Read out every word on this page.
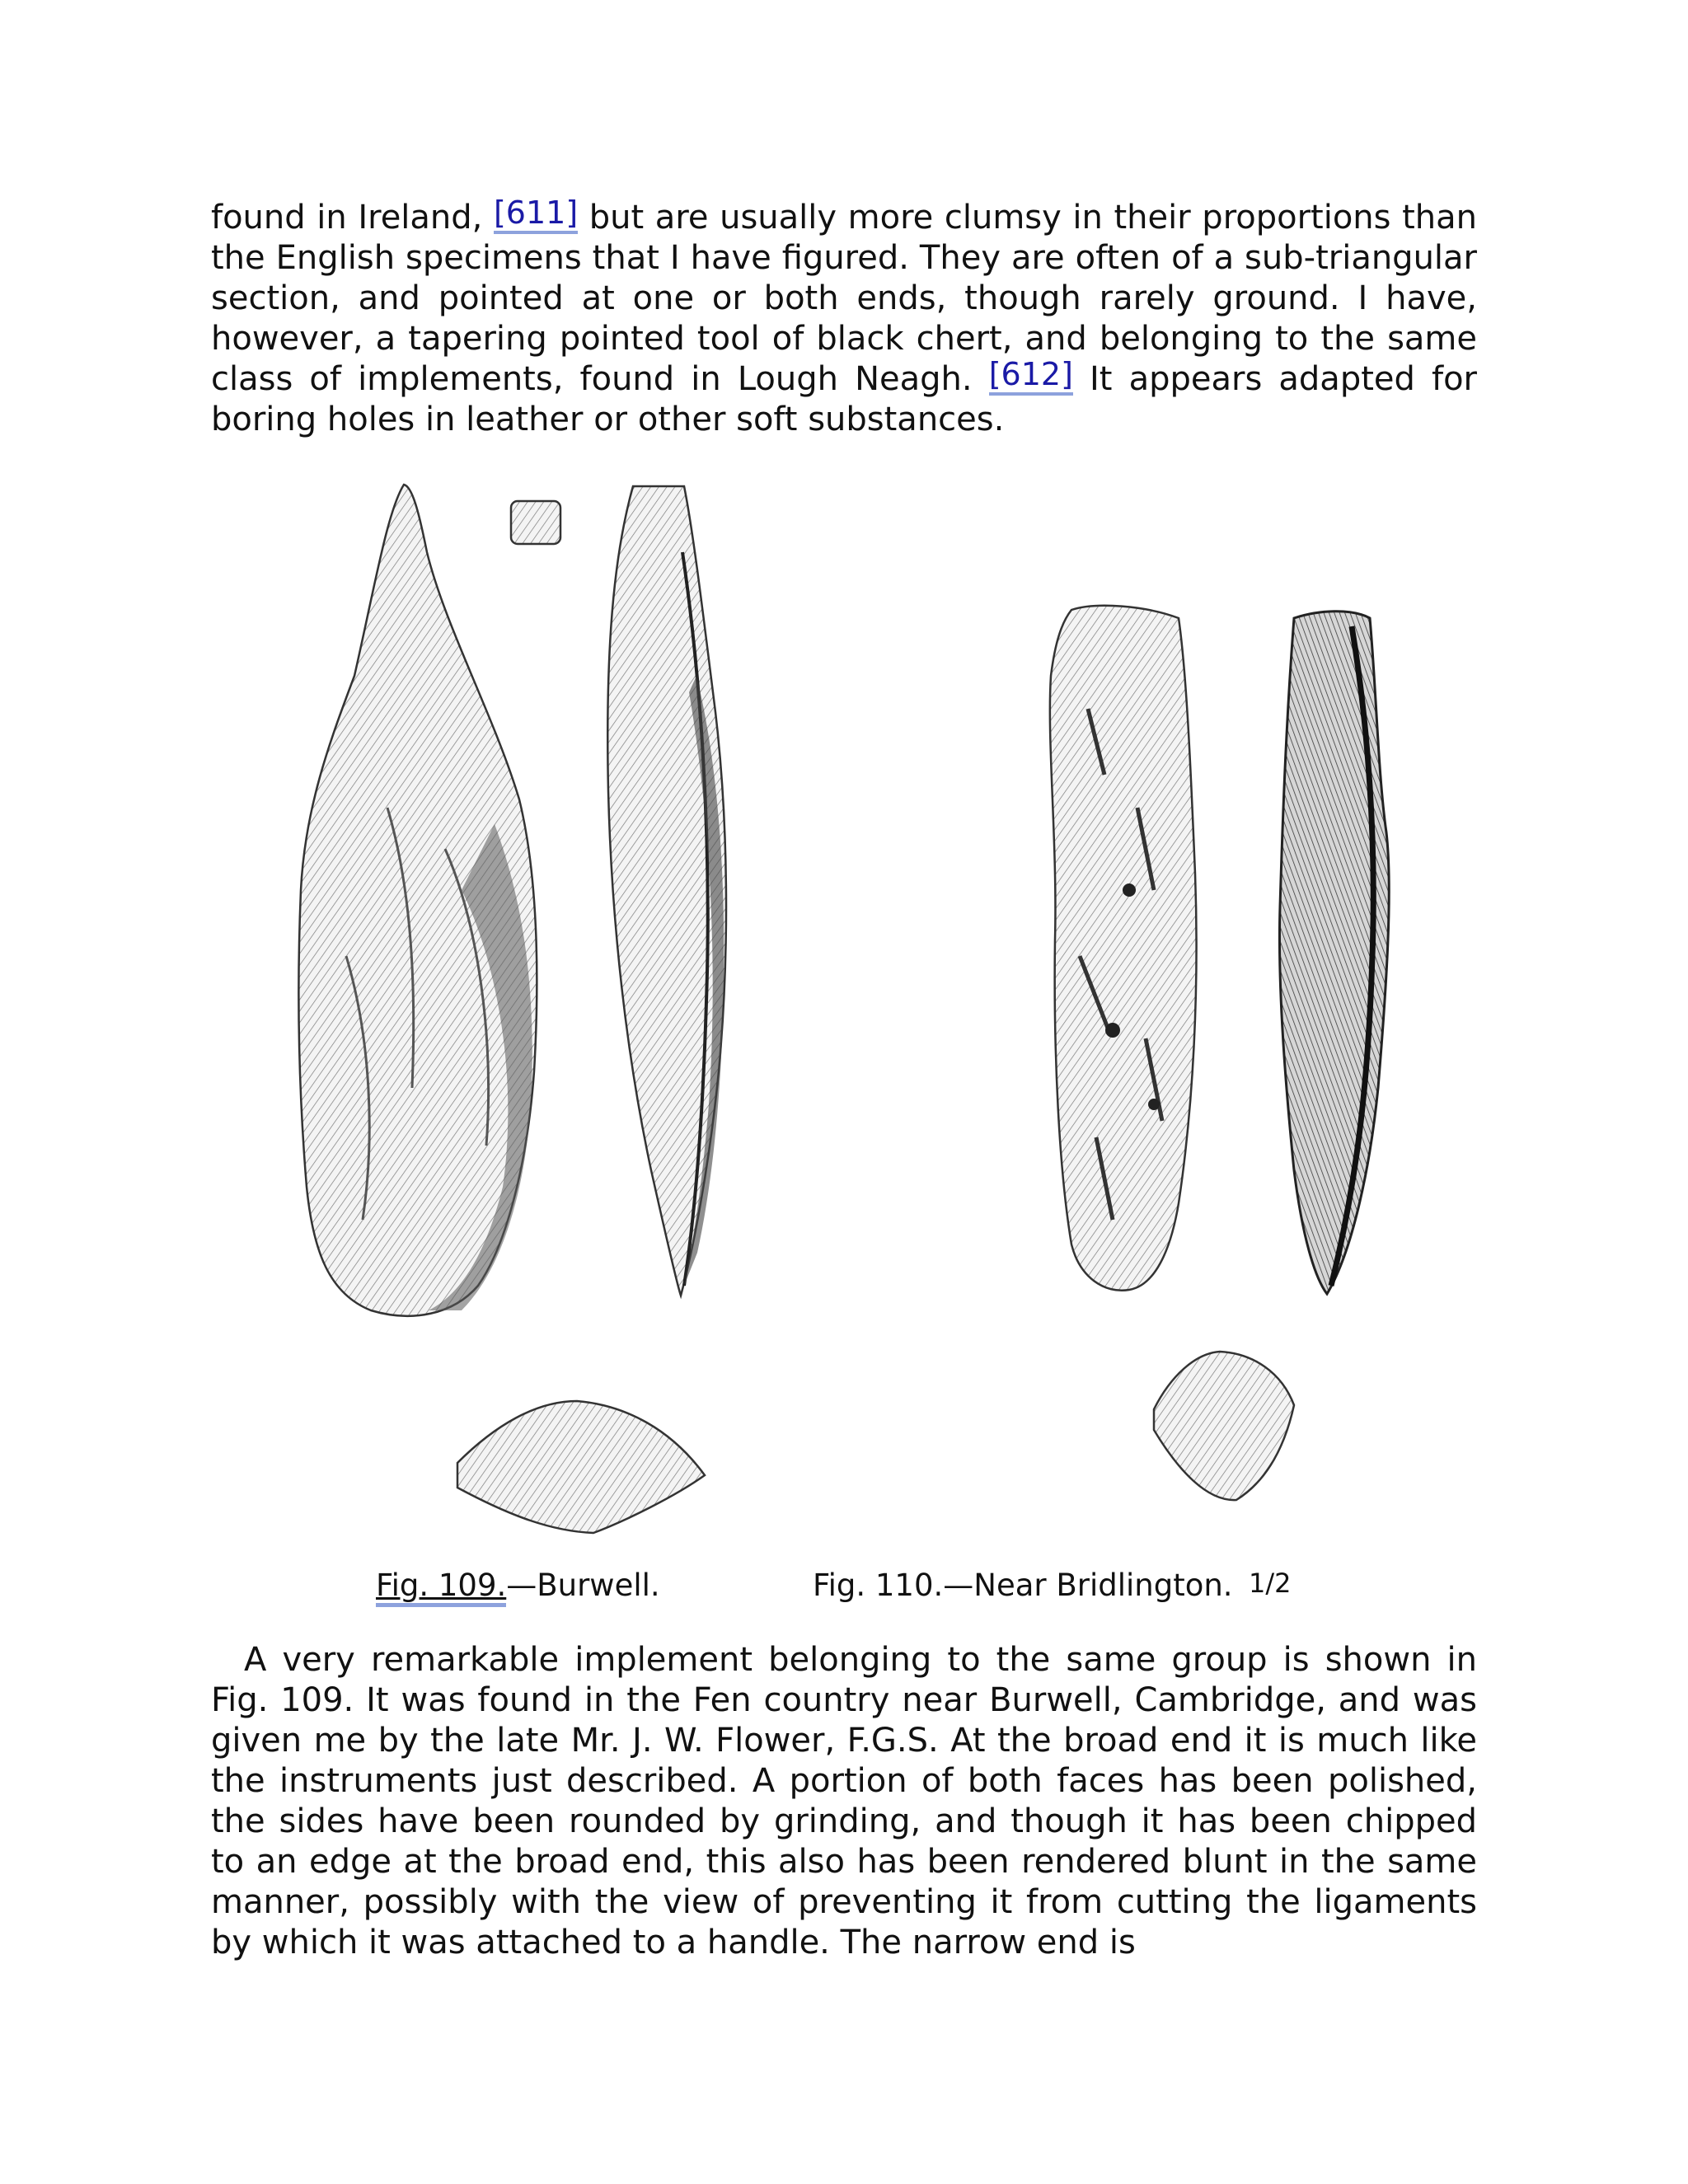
found in Ireland, [611] but are usually more clumsy in their proportions than the English specimens that I have figured. They are often of a sub-triangular section, and pointed at one or both ends, though rarely ground. I have, however, a tapering pointed tool of black chert, and belonging to the same class of implements, found in Lough Neagh. [612] It appears adapted for boring holes in leather or other soft substances.

Fig. 109.—Burwell.	Fig. 110.—Near Bridlington. 1/2

A very remarkable implement belonging to the same group is shown in Fig. 109. It was found in the Fen country near Burwell, Cambridge, and was given me by the late Mr. J. W. Flower, F.G.S. At the broad end it is much like the instruments just described. A portion of both faces has been polished, the sides have been rounded by grinding, and though it has been chipped to an edge at the broad end, this also has been rendered blunt in the same manner, possibly with the view of preventing it from cutting the ligaments by which it was attached to a handle. The narrow end is
